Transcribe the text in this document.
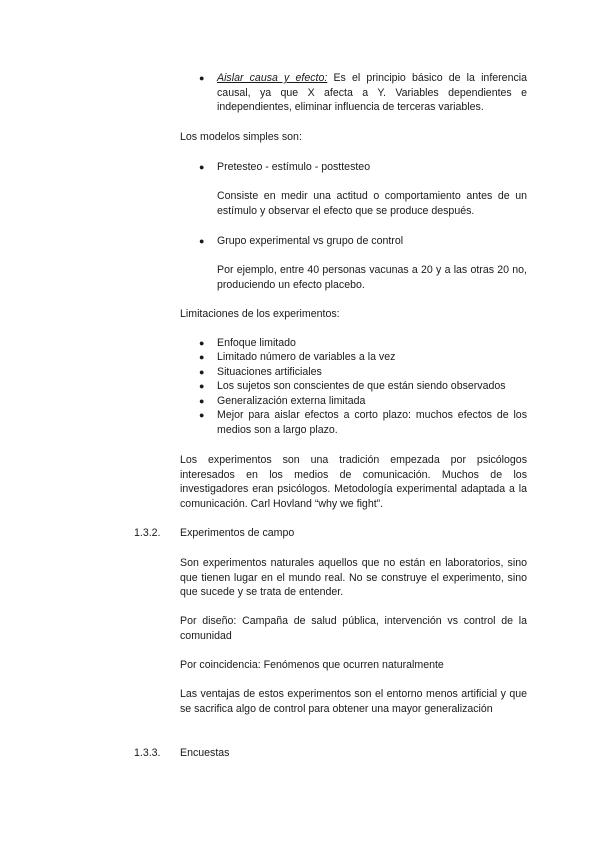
● Aislar causa y efecto: Es el principio básico de la inferencia causal, ya que X afecta a Y. Variables dependientes e independientes, eliminar influencia de terceras variables.
Los modelos simples son:
● Pretesteo - estímulo - posttesteo
Consiste en medir una actitud o comportamiento antes de un estímulo y observar el efecto que se produce después.
● Grupo experimental vs grupo de control
Por ejemplo, entre 40 personas vacunas a 20 y a las otras 20 no, produciendo un efecto placebo.
Limitaciones de los experimentos:
● Enfoque limitado
● Limitado número de variables a la vez
● Situaciones artificiales
● Los sujetos son conscientes de que están siendo observados
● Generalización externa limitada
● Mejor para aislar efectos a corto plazo: muchos efectos de los medios son a largo plazo.
Los experimentos son una tradición empezada por psicólogos interesados en los medios de comunicación. Muchos de los investigadores eran psicólogos. Metodología experimental adaptada a la comunicación. Carl Hovland “why we fight”.
1.3.2. Experimentos de campo
Son experimentos naturales aquellos que no están en laboratorios, sino que tienen lugar en el mundo real. No se construye el experimento, sino que sucede y se trata de entender.
Por diseño: Campaña de salud pública, intervención vs control de la comunidad
Por coincidencia: Fenómenos que ocurren naturalmente
Las ventajas de estos experimentos son el entorno menos artificial y que se sacrifica algo de control para obtener una mayor generalización
1.3.3. Encuestas
